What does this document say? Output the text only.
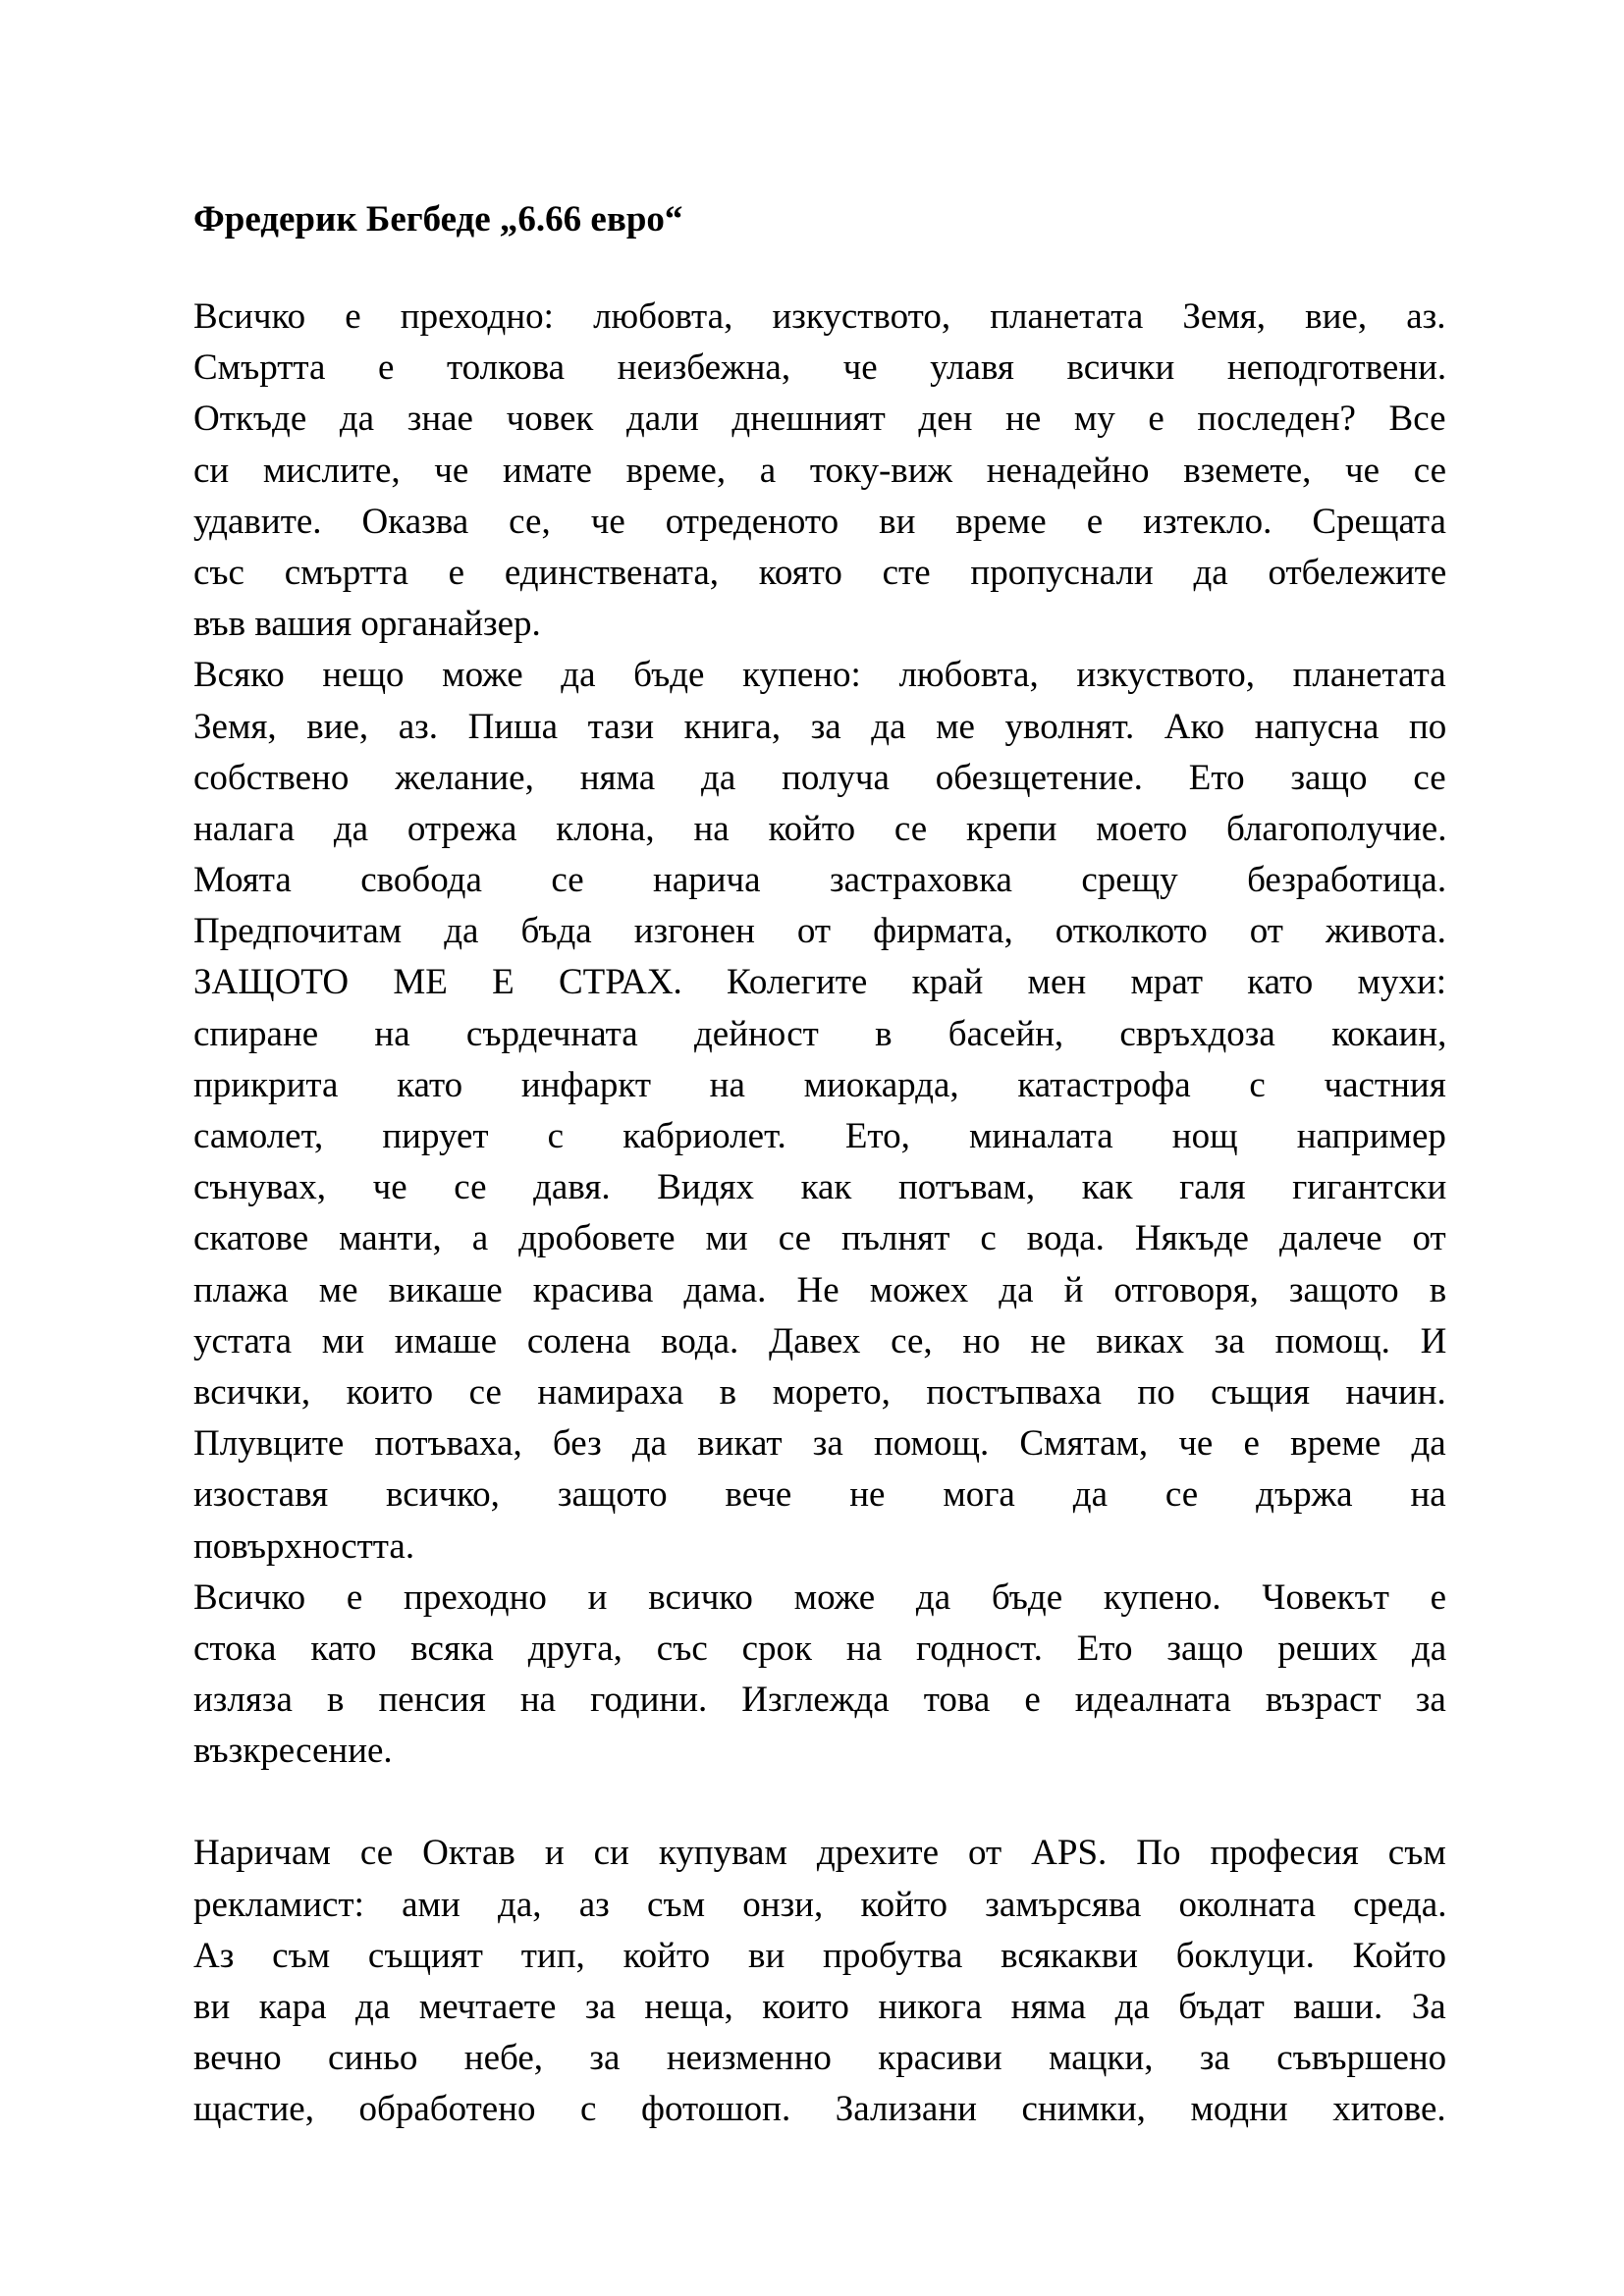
Фредерик Бегбеде „6.66 евро“
Всичко е преходно: любовта, изкуството, планетата Земя, вие, аз.
Смъртта е толкова неизбежна, че улавя всички неподготвени.
Откъде да знае човек дали днешният ден не му е последен? Все
си мислите, че имате време, а току-виж ненадейно вземете, че се
удавите. Оказва се, че отреденото ви време е изтекло. Срещата
със смъртта е единствената, която сте пропуснали да отбележите
във вашия органайзер.
Всяко нещо може да бъде купено: любовта, изкуството, планетата
Земя, вие, аз. Пиша тази книга, за да ме уволнят. Ако напусна по
собствено желание, няма да получа обезщетение. Ето защо се
налага да отрежа клона, на който се крепи моето благополучие.
Моята свобода се нарича застраховка срещу безработица.
Предпочитам да бъда изгонен от фирмата, отколкото от живота.
ЗАЩОТО МЕ Е СТРАХ. Колегите край мен мрат като мухи:
спиране на сърдечната дейност в басейн, свръхдоза кокаин,
прикрита като инфаркт на миокарда, катастрофа с частния
самолет, пирует с кабриолет. Ето, миналата нощ например
сънувах, че се давя. Видях как потъвам, как галя гигантски
скатове манти, а дробовете ми се пълнят с вода. Някъде далече от
плажа ме викаше красива дама. Не можех да й отговоря, защото в
устата ми имаше солена вода. Давех се, но не виках за помощ. И
всички, които се намираха в морето, постъпваха по същия начин.
Плувците потъваха, без да викат за помощ. Смятам, че е време да
изоставя всичко, защото вече не мога да се държа на
повърхността.
Всичко е преходно и всичко може да бъде купено. Човекът е
стока като всяка друга, със срок на годност. Ето защо реших да
изляза в пенсия на години. Изглежда това е идеалната възраст за
възкресение.
Наричам се Октав и си купувам дрехите от APS. По професия съм
рекламист: ами да, аз съм онзи, който замърсява околната среда.
Аз съм същият тип, който ви пробутва всякакви боклуци. Който
ви кара да мечтаете за неща, които никога няма да бъдат ваши. За
вечно синьо небе, за неизменно красиви мацки, за съвършено
щастие, обработено с фотошоп. Зализани снимки, модни хитове.
